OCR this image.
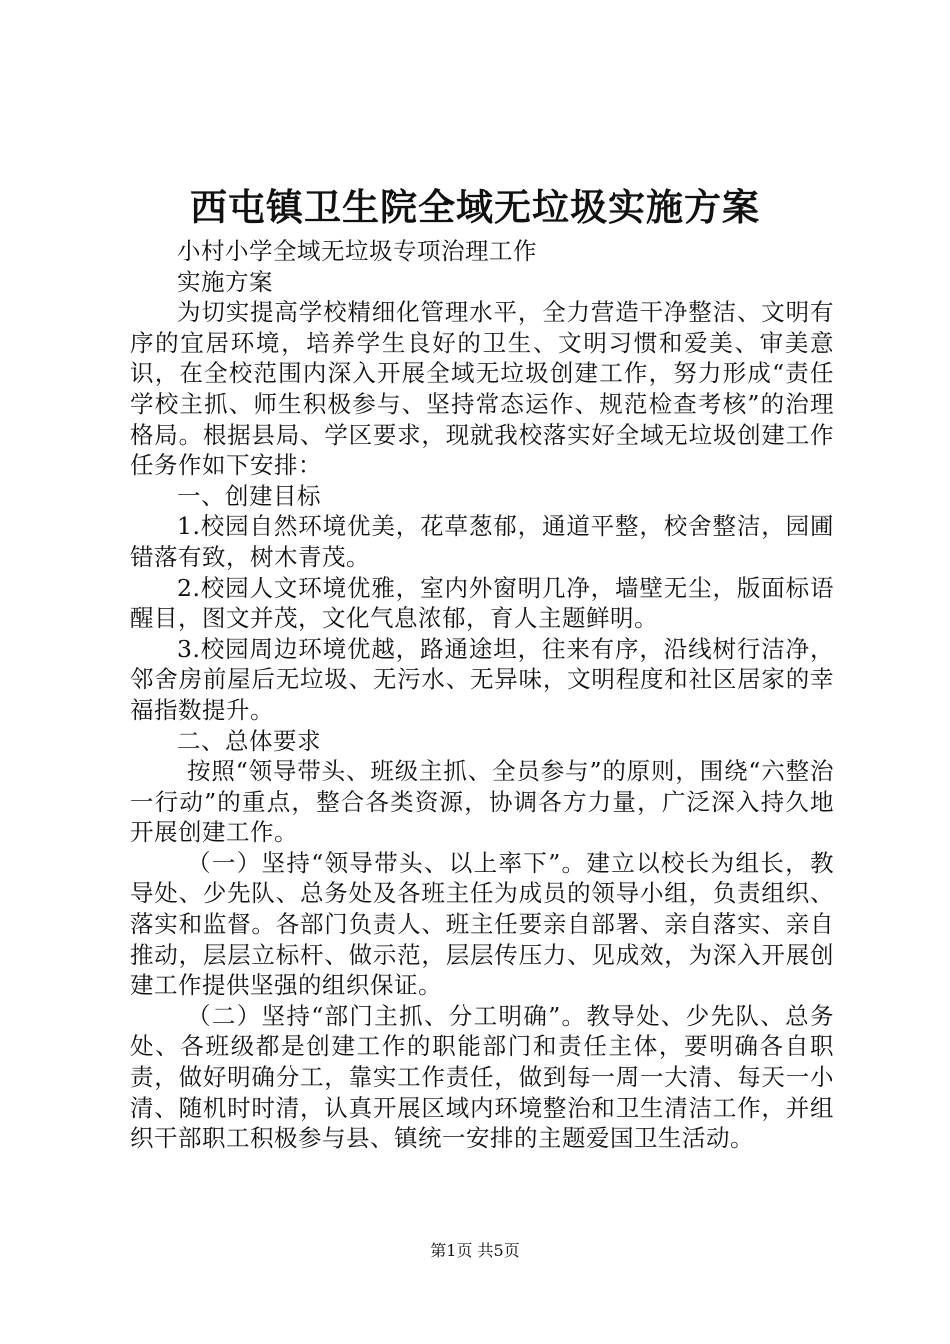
西屯镇卫生院全域无垃圾实施方案

小村小学全域无垃圾专项治理工作

实施方案

为切实提高学校精细化管理水平，全力营造干净整洁、文明有序的宜居环境，培养学生良好的卫生、文明习惯和爱美、审美意识，在全校范围内深入开展全域无垃圾创建工作，努力形成“责任学校主抓、师生积极参与、坚持常态运作、规范检查考核”的治理格局。根据县局、学区要求，现就我校落实好全域无垃圾创建工作任务作如下安排：

一、创建目标

1.校园自然环境优美，花草葱郁，通道平整，校舍整洁，园圃错落有致，树木青茂。

2.校园人文环境优雅，室内外窗明几净，墙壁无尘，版面标语醒目，图文并茂，文化气息浓郁，育人主题鲜明。

3.校园周边环境优越，路通途坦，往来有序，沿线树行洁净，邻舍房前屋后无垃圾、无污水、无异味，文明程度和社区居家的幸福指数提升。

二、总体要求

按照“领导带头、班级主抓、全员参与”的原则，围绕“六整治一行动”的重点，整合各类资源，协调各方力量，广泛深入持久地开展创建工作。

（一）坚持“领导带头、以上率下”。建立以校长为组长，教导处、少先队、总务处及各班主任为成员的领导小组，负责组织、落实和监督。各部门负责人、班主任要亲自部署、亲自落实、亲自推动，层层立标杆、做示范，层层传压力、见成效，为深入开展创建工作提供坚强的组织保证。

（二）坚持“部门主抓、分工明确”。教导处、少先队、总务处、各班级都是创建工作的职能部门和责任主体，要明确各自职责，做好明确分工，靠实工作责任，做到每一周一大清、每天一小清、随机时时清，认真开展区域内环境整治和卫生清洁工作，并组织干部职工积极参与县、镇统一安排的主题爱国卫生活动。

第1页 共5页
